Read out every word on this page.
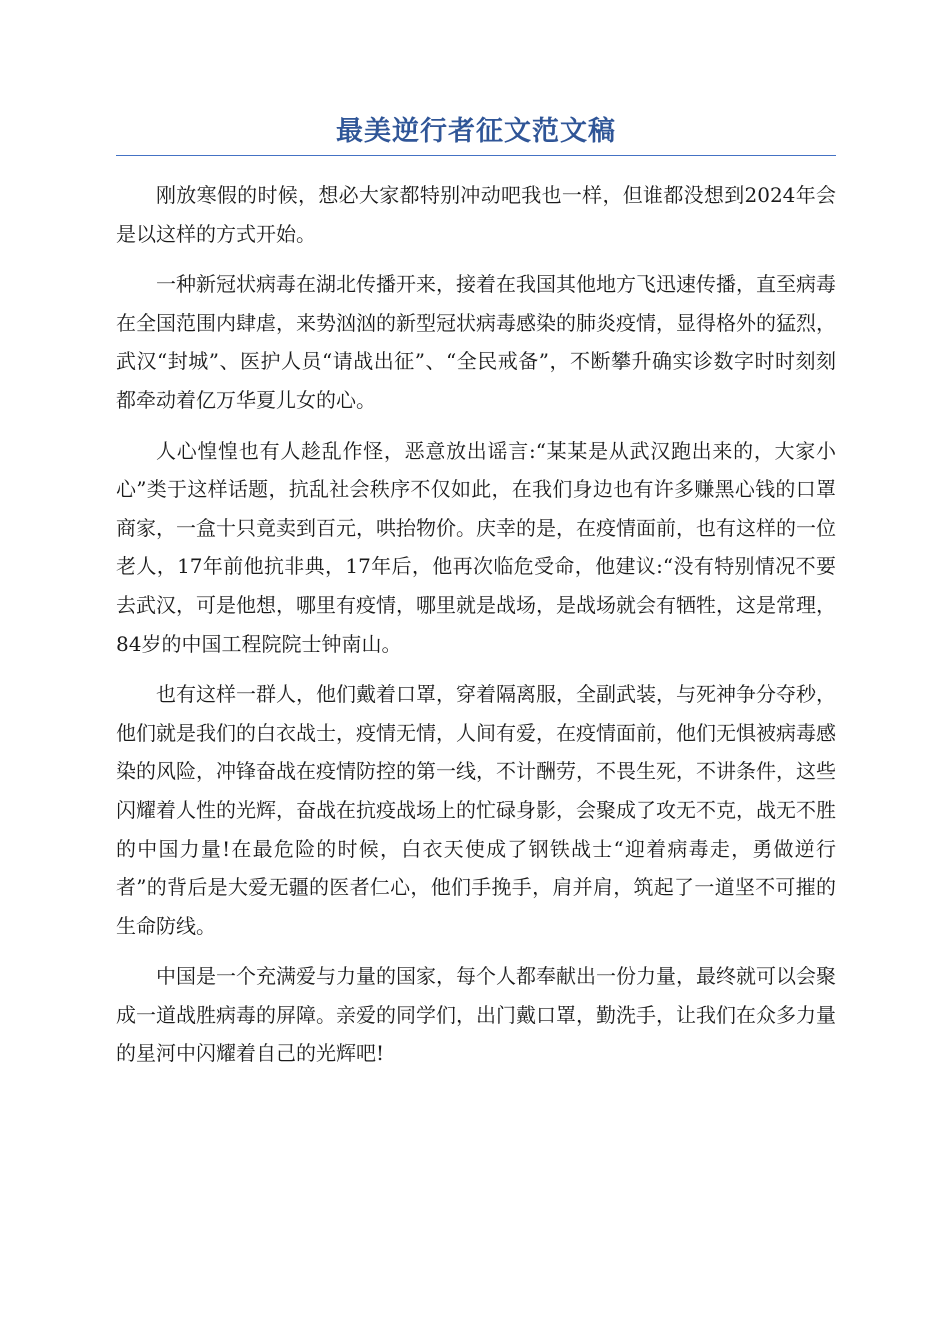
最美逆行者征文范文稿

刚放寒假的时候，想必大家都特别冲动吧我也一样，但谁都没想到2024年会是以这样的方式开始。

一种新冠状病毒在湖北传播开来，接着在我国其他地方飞迅速传播，直至病毒在全国范围内肆虐，来势汹汹的新型冠状病毒感染的肺炎疫情，显得格外的猛烈，武汉“封城”、医护人员“请战出征”、“全民戒备”，不断攀升确实诊数字时时刻刻都牵动着亿万华夏儿女的心。

人心惶惶也有人趁乱作怪，恶意放出谣言:“某某是从武汉跑出来的，大家小心”类于这样话题，抗乱社会秩序不仅如此，在我们身边也有许多赚黑心钱的口罩商家，一盒十只竟卖到百元，哄抬物价。庆幸的是，在疫情面前，也有这样的一位老人，17年前他抗非典，17年后，他再次临危受命，他建议:“没有特别情况不要去武汉，可是他想，哪里有疫情，哪里就是战场，是战场就会有牺牲，这是常理，84岁的中国工程院院士钟南山。

也有这样一群人，他们戴着口罩，穿着隔离服，全副武装，与死神争分夺秒，他们就是我们的白衣战士，疫情无情，人间有爱，在疫情面前，他们无惧被病毒感染的风险，冲锋奋战在疫情防控的第一线，不计酬劳，不畏生死，不讲条件，这些闪耀着人性的光辉，奋战在抗疫战场上的忙碌身影，会聚成了攻无不克，战无不胜的中国力量!在最危险的时候，白衣天使成了钢铁战士“迎着病毒走，勇做逆行者”的背后是大爱无疆的医者仁心，他们手挽手，肩并肩，筑起了一道坚不可摧的生命防线。

中国是一个充满爱与力量的国家，每个人都奉献出一份力量，最终就可以会聚成一道战胜病毒的屏障。亲爱的同学们，出门戴口罩，勤洗手，让我们在众多力量的星河中闪耀着自己的光辉吧!
